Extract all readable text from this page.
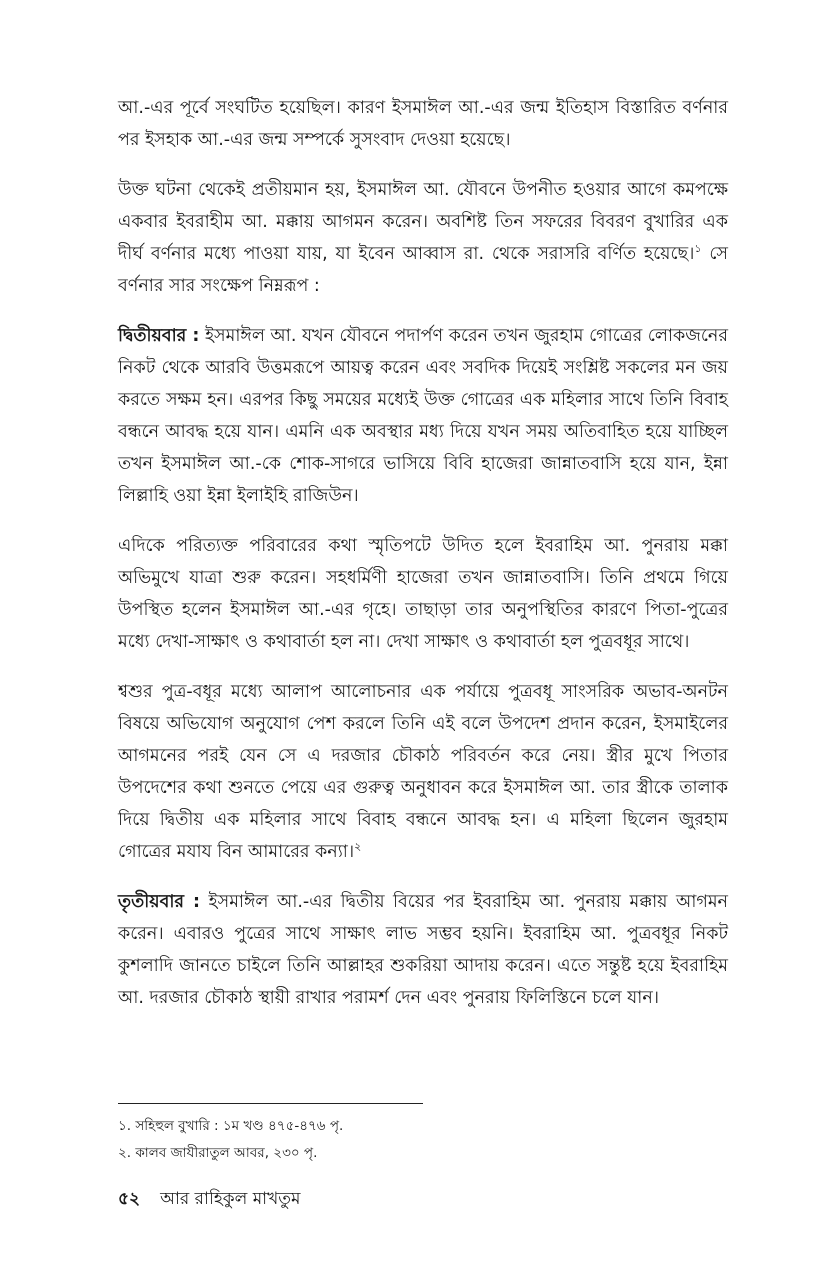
আ.-এর পূর্বে সংঘটিত হয়েছিল। কারণ ইসমাঈল আ.-এর জন্ম ইতিহাস বিস্তারিত বর্ণনার পর ইসহাক আ.-এর জন্ম সম্পর্কে সুসংবাদ দেওয়া হয়েছে।

উক্ত ঘটনা থেকেই প্রতীয়মান হয়, ইসমাঈল আ. যৌবনে উপনীত হওয়ার আগে কমপক্ষে একবার ইবরাহীম আ. মক্কায় আগমন করেন। অবশিষ্ট তিন সফরের বিবরণ বুখারির এক দীর্ঘ বর্ণনার মধ্যে পাওয়া যায়, যা ইবেন আব্বাস রা. থেকে সরাসরি বর্ণিত হয়েছে।$^১$ সে বর্ণনার সার সংক্ষেপ নিম্নরূপ :

দ্বিতীয়বার : ইসমাঈল আ. যখন যৌবনে পদার্পণ করেন তখন জুরহাম গোত্রের লোকজনের নিকট থেকে আরবি উত্তমরূপে আয়ত্ব করেন এবং সবদিক দিয়েই সংশ্লিষ্ট সকলের মন জয় করতে সক্ষম হন। এরপর কিছু সময়ের মধ্যেই উক্ত গোত্রের এক মহিলার সাথে তিনি বিবাহ বন্ধনে আবদ্ধ হয়ে যান। এমনি এক অবস্থার মধ্য দিয়ে যখন সময় অতিবাহিত হয়ে যাচ্ছিল তখন ইসমাঈল আ.-কে শোক-সাগরে ভাসিয়ে বিবি হাজেরা জান্নাতবাসি হয়ে যান, ইন্না লিল্লাহি ওয়া ইন্না ইলাইহি রাজিউন।

এদিকে পরিত্যক্ত পরিবারের কথা স্মৃতিপটে উদিত হলে ইবরাহিম আ. পুনরায় মক্কা অভিমুখে যাত্রা শুরু করেন। সহধর্মিণী হাজেরা তখন জান্নাতবাসি। তিনি প্রথমে গিয়ে উপস্থিত হলেন ইসমাঈল আ.-এর গৃহে। তাছাড়া তার অনুপস্থিতির কারণে পিতা-পুত্রের মধ্যে দেখা-সাক্ষাৎ ও কথাবার্তা হল না। দেখা সাক্ষাৎ ও কথাবার্তা হল পুত্রবধূর সাথে।

শ্বশুর পুত্র-বধূর মধ্যে আলাপ আলোচনার এক পর্যায়ে পুত্রবধূ সাংসরিক অভাব-অনটন বিষয়ে অভিযোগ অনুযোগ পেশ করলে তিনি এই বলে উপদেশ প্রদান করেন, ইসমাইলের আগমনের পরই যেন সে এ দরজার চৌকাঠ পরিবর্তন করে নেয়। স্ত্রীর মুখে পিতার উপদেশের কথা শুনতে পেয়ে এর গুরুত্ব অনুধাবন করে ইসমাঈল আ. তার স্ত্রীকে তালাক দিয়ে দ্বিতীয় এক মহিলার সাথে বিবাহ বন্ধনে আবদ্ধ হন। এ মহিলা ছিলেন জুরহাম গোত্রের মযায বিন আমারের কন্যা।$^২$

তৃতীয়বার : ইসমাঈল আ.-এর দ্বিতীয় বিয়ের পর ইবরাহিম আ. পুনরায় মক্কায় আগমন করেন। এবারও পুত্রের সাথে সাক্ষাৎ লাভ সম্ভব হয়নি। ইবরাহিম আ. পুত্রবধূর নিকট কুশলাদি জানতে চাইলে তিনি আল্লাহর শুকরিয়া আদায় করেন। এতে সন্তুষ্ট হয়ে ইবরাহিম আ. দরজার চৌকাঠ স্থায়ী রাখার পরামর্শ দেন এবং পুনরায় ফিলিস্তিনে চলে যান।

১. সহিহুল বুখারি : ১ম খণ্ড ৪৭৫-৪৭৬ পৃ.

২. কালব জাযীরাতুল আবর, ২৩০ পৃ.

৫২ আর রাহিকুল মাখতুম
